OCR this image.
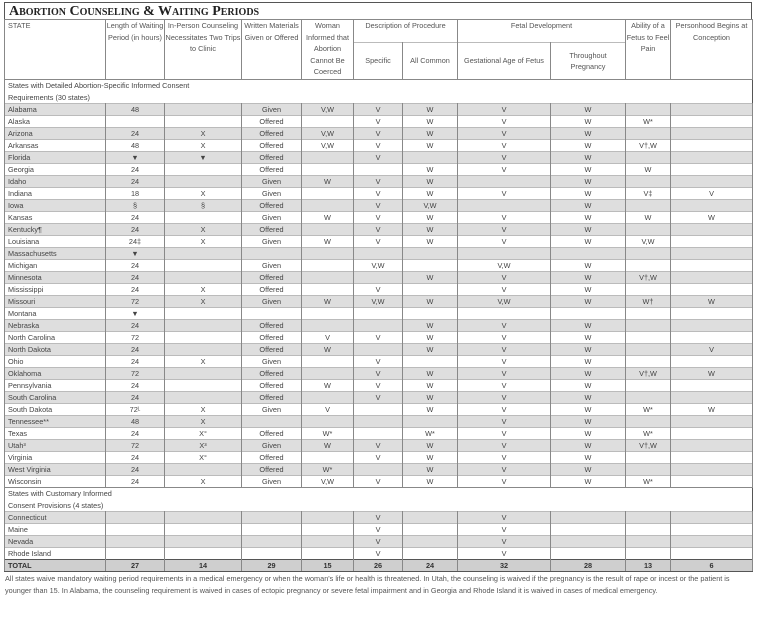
Abortion Counseling & Waiting Periods
STATE	Length of Waiting Period (in hours)	In-Person Counseling Necessitates Two Trips to Clinic	Written Materials Given or Offered	Woman Informed that Abortion Cannot Be Coerced	Description of Procedure		Fetal Development		Ability of a Fetus to Feel Pain	Personhood Begins at Conception
					Specific	All Common	Gestational Age of Fetus	Throughout Pregnancy		
States with Detailed Abortion-Specific Informed Consent Requirements (30 states)										
Alabama	48		Given	V,W	V	W	V	W		
Alaska			Offered		V	W	V	W	W*	
Arizona	24	X	Offered	V,W	V	W	V	W		
Arkansas	48	X	Offered	V,W	V	W	V	W	V†,W	
Florida	▼	▼	Offered		V		V	W		
Georgia	24		Offered			W	V	W	W	
Idaho	24		Given	W	V	W		W		
Indiana	18	X	Given		V	W	V	W	V‡	V
Iowa	§	§	Offered		V	V,W		W		
Kansas	24		Given	W	V	W	V	W	W	W
Kentucky¶	24	X	Offered		V	W	V	W		
Louisiana	24‡	X	Given	W	V	W	V	W	V,W	
Massachusetts	▼									
Michigan	24		Given		V,W		V,W	W		
Minnesota	24		Offered			W	V	W	V†,W	
Mississippi	24	X	Offered		V		V	W		
Missouri	72	X	Given	W	V,W	W	V,W	W	W†	W
Montana	▼									
Nebraska	24		Offered			W	V	W		
North Carolina	72		Offered	V	V	W	V	W		
North Dakota	24		Offered	W		W	V	W		V
Ohio	24	X	Given		V		V	W		
Oklahoma	72		Offered		V	W	V	W	V†,W	W
Pennsylvania	24		Offered	W	V	W	V	W		
South Carolina	24		Offered		V	W	V	W		
South Dakota	72ᴸ	X	Given	V		W	V	W	W*	W
Tennessee**	48	X					V	W		
Texas	24	X°	Offered	W*		W*	V	W	W*	
Utah³	72	X³	Given	W	V	W	V	W	V†,W	
Virginia	24	X°	Offered		V	W	V	W		
West Virginia	24		Offered	W*		W	V	W		
Wisconsin	24	X	Given	V,W	V	W	V	W	W*	
States with Customary Informed Consent Provisions (4 states)										
Connecticut					V		V			
Maine					V		V			
Nevada					V		V			
Rhode Island					V		V			
TOTAL	27	14	29	15	26	24	32	28	13	6
All states waive mandatory waiting period requirements in a medical emergency or when the woman's life or health is threatened. In Utah, the counseling is waived if the pregnancy is the result of rape or incest or the patient is younger than 15. In Alabama, the counseling requirement is waived in cases of ectopic pregnancy or severe fetal impairment and in Georgia and Rhode Island it is waived in cases of medical emergency.
